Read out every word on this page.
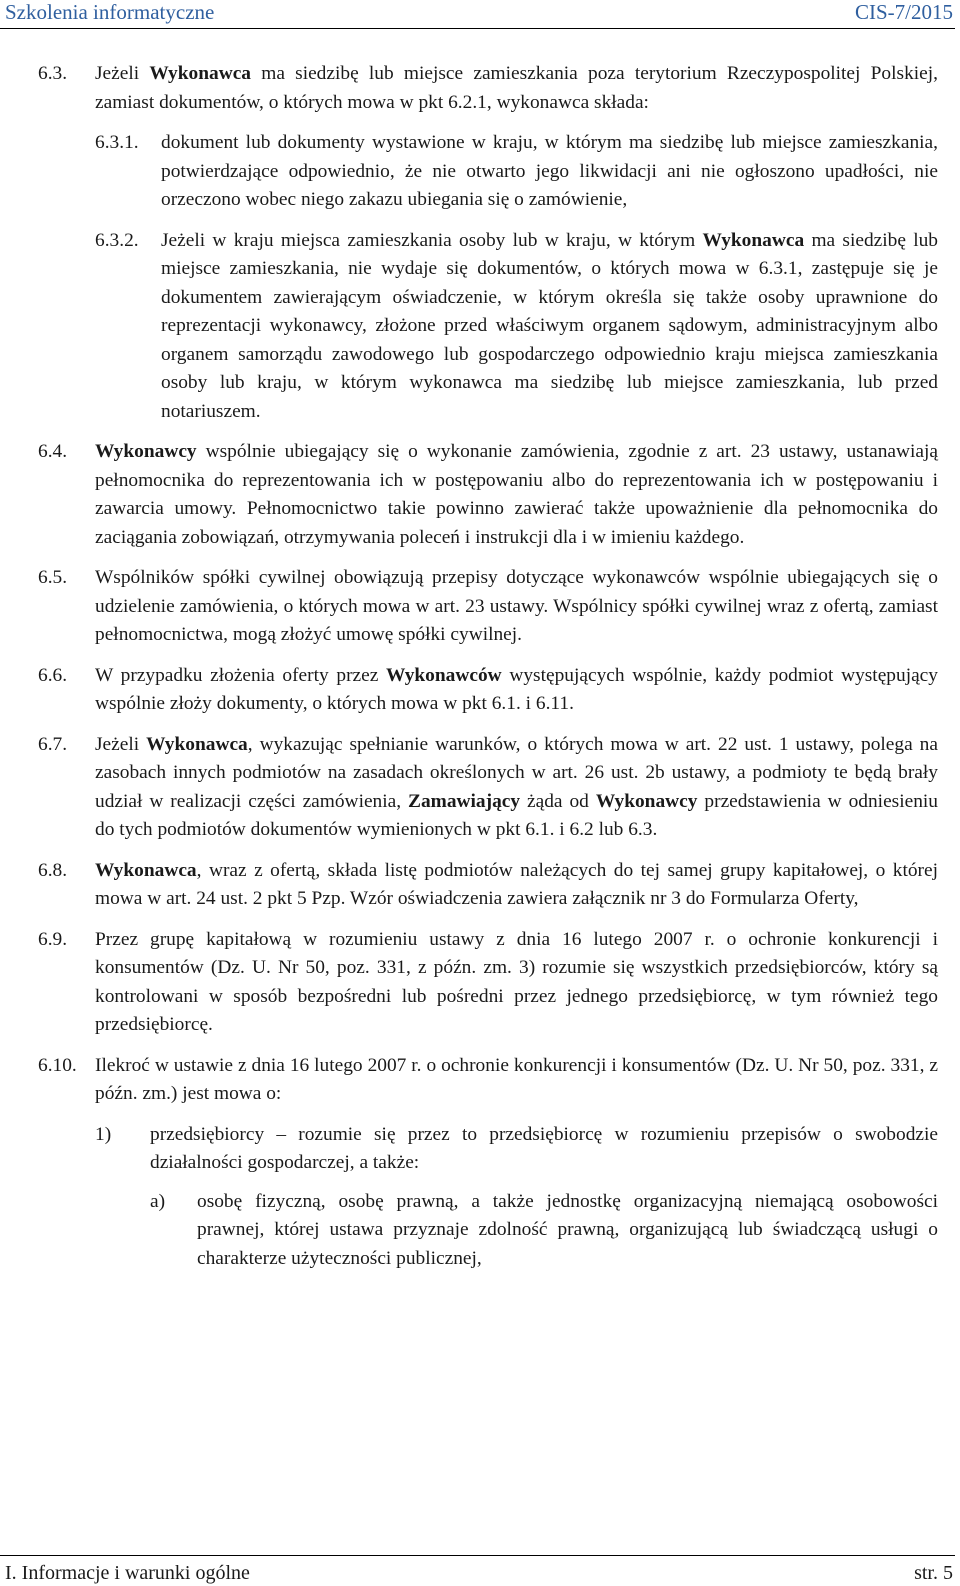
Szkolenia informatyczne	CIS-7/2015
6.3. Jeżeli Wykonawca ma siedzibę lub miejsce zamieszkania poza terytorium Rzeczypospolitej Polskiej, zamiast dokumentów, o których mowa w pkt 6.2.1, wykonawca składa:
6.3.1.	dokument lub dokumenty wystawione w kraju, w którym ma siedzibę lub miejsce zamieszkania, potwierdzające odpowiednio, że nie otwarto jego likwidacji ani nie ogłoszono upadłości, nie orzeczono wobec niego zakazu ubiegania się o zamówienie,
6.3.2.	Jeżeli w kraju miejsca zamieszkania osoby lub w kraju, w którym Wykonawca ma siedzibę lub miejsce zamieszkania, nie wydaje się dokumentów, o których mowa w 6.3.1, zastępuje się je dokumentem zawierającym oświadczenie, w którym określa się także osoby uprawnione do reprezentacji wykonawcy, złożone przed właściwym organem sądowym, administracyjnym albo organem samorządu zawodowego lub gospodarczego odpowiednio kraju miejsca zamieszkania osoby lub kraju, w którym wykonawca ma siedzibę lub miejsce zamieszkania, lub przed notariuszem.
6.4. Wykonawcy wspólnie ubiegający się o wykonanie zamówienia, zgodnie z art. 23 ustawy, ustanawiają pełnomocnika do reprezentowania ich w postępowaniu albo do reprezentowania ich w postępowaniu i zawarcia umowy. Pełnomocnictwo takie powinno zawierać także upoważnienie dla pełnomocnika do zaciągania zobowiązań, otrzymywania poleceń i instrukcji dla i w imieniu każdego.
6.5. Wspólników spółki cywilnej obowiązują przepisy dotyczące wykonawców wspólnie ubiegających się o udzielenie zamówienia, o których mowa w art. 23 ustawy. Wspólnicy spółki cywilnej wraz z ofertą, zamiast pełnomocnictwa, mogą złożyć umowę spółki cywilnej.
6.6. W przypadku złożenia oferty przez Wykonawców występujących wspólnie, każdy podmiot występujący wspólnie złoży dokumenty, o których mowa w pkt 6.1. i 6.11.
6.7. Jeżeli Wykonawca, wykazując spełnianie warunków, o których mowa w art. 22 ust. 1 ustawy, polega na zasobach innych podmiotów na zasadach określonych w art. 26 ust. 2b ustawy, a podmioty te będą brały udział w realizacji części zamówienia, Zamawiający żąda od Wykonawcy przedstawienia w odniesieniu do tych podmiotów dokumentów wymienionych w pkt 6.1. i 6.2 lub 6.3.
6.8. Wykonawca, wraz z ofertą, składa listę podmiotów należących do tej samej grupy kapitałowej, o której mowa w art. 24 ust. 2 pkt 5 Pzp. Wzór oświadczenia zawiera załącznik nr 3 do Formularza Oferty,
6.9. Przez grupę kapitałową w rozumieniu ustawy z dnia 16 lutego 2007 r. o ochronie konkurencji i konsumentów (Dz. U. Nr 50, poz. 331, z późn. zm. 3) rozumie się wszystkich przedsiębiorców, który są kontrolowani w sposób bezpośredni lub pośredni przez jednego przedsiębiorcę, w tym również tego przedsiębiorcę.
6.10. Ilekroć w ustawie z dnia 16 lutego 2007 r. o ochronie konkurencji i konsumentów (Dz. U. Nr 50, poz. 331, z późn. zm.) jest mowa o:
1) przedsiębiorcy – rozumie się przez to przedsiębiorcę w rozumieniu przepisów o swobodzie działalności gospodarczej, a także:
a) osobę fizyczną, osobę prawną, a także jednostkę organizacyjną niemającą osobowości prawnej, której ustawa przyznaje zdolność prawną, organizującą lub świadczącą usługi o charakterze użyteczności publicznej,
I. Informacje i warunki ogólne	str. 5
